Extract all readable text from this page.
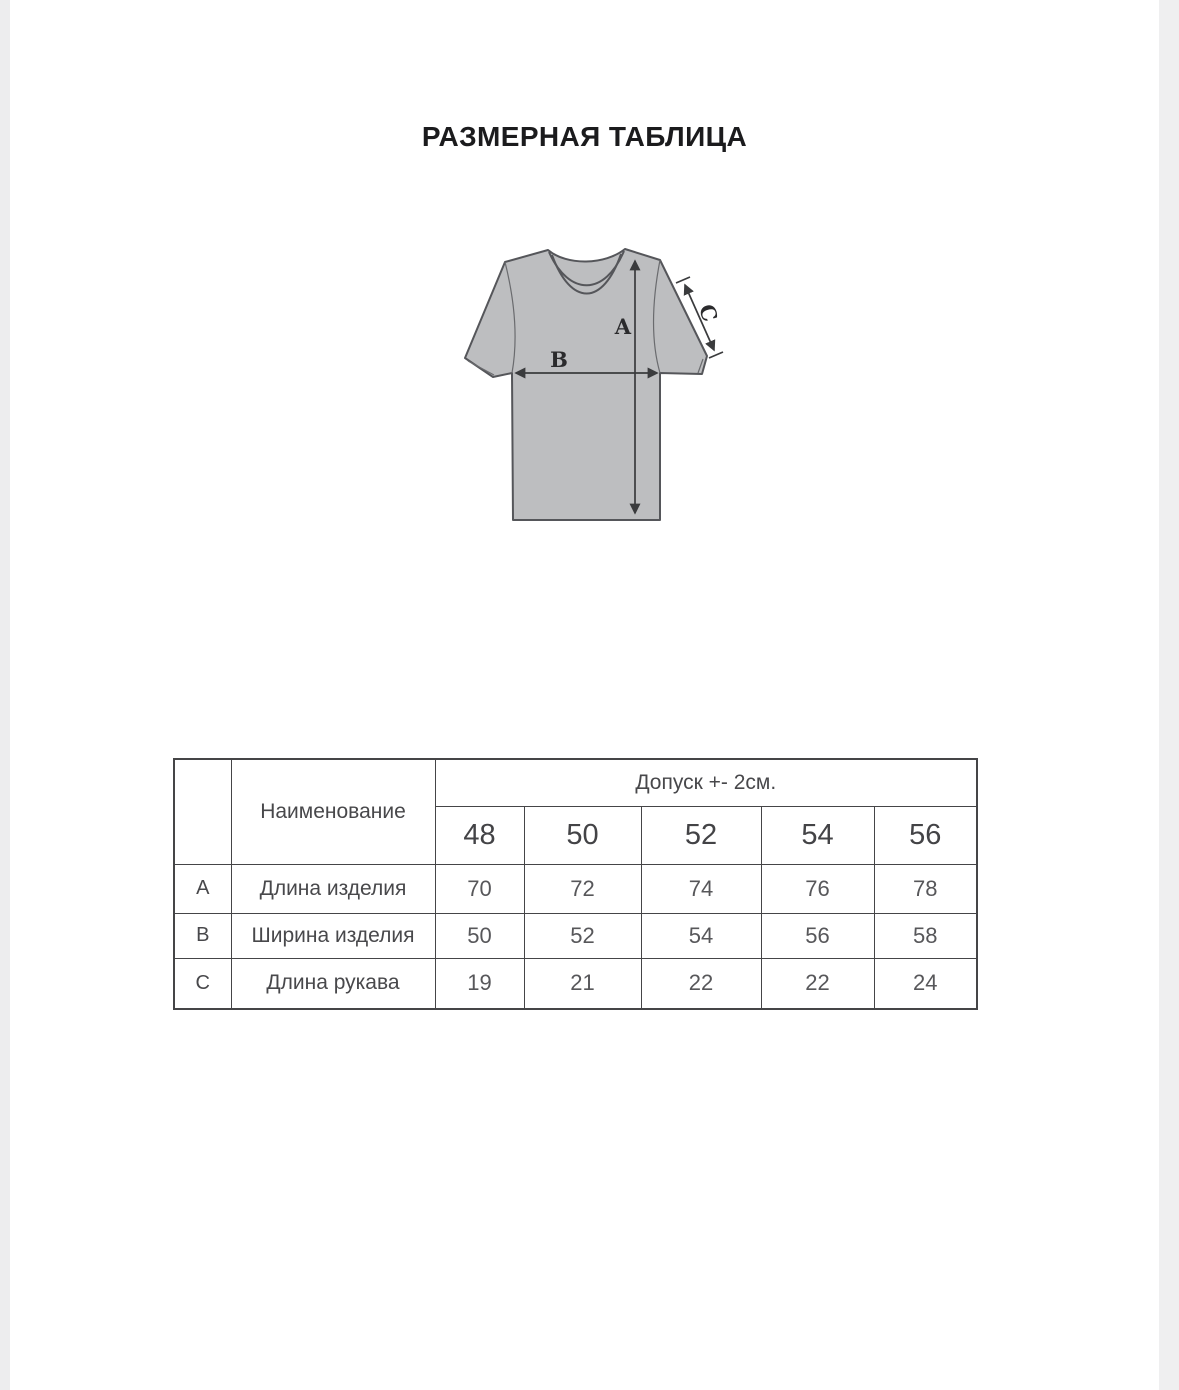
РАЗМЕРНАЯ ТАБЛИЦА
A
B
C
	Наименование	Допуск +- 2см.				
		48	50	52	54	56
A	Длина изделия	70	72	74	76	78
B	Ширина изделия	50	52	54	56	58
C	Длина рукава	19	21	22	22	24
